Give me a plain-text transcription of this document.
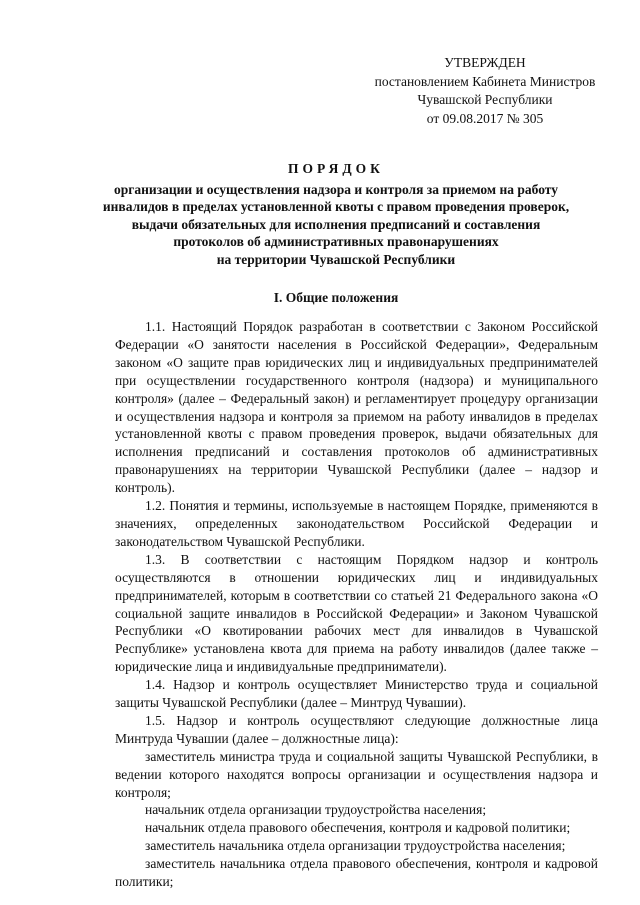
УТВЕРЖДЕН
постановлением Кабинета Министров
Чувашской Республики
от 09.08.2017 № 305
ПОРЯДОК
организации и осуществления надзора и контроля за приемом на работу
инвалидов в пределах установленной квоты с правом проведения проверок,
выдачи обязательных для исполнения предписаний и составления
протоколов об административных правонарушениях
на территории Чувашской Республики
I. Общие положения

1.1. Настоящий Порядок разработан в соответствии с Законом Российской Федерации «О занятости населения в Российской Федерации», Федеральным законом «О защите прав юридических лиц и индивидуальных предпринимателей при осуществлении государственного контроля (надзора) и муниципального контроля» (далее – Федеральный закон) и регламентирует процедуру организации и осуществления надзора и контроля за приемом на работу инвалидов в пределах установленной квоты с правом проведения проверок, выдачи обязательных для исполнения предписаний и составления протоколов об административных правонарушениях на территории Чувашской Республики (далее – надзор и контроль).

1.2. Понятия и термины, используемые в настоящем Порядке, применяются в значениях, определенных законодательством Российской Федерации и законодательством Чувашской Республики.

1.3. В соответствии с настоящим Порядком надзор и контроль осуществляются в отношении юридических лиц и индивидуальных предпринимателей, которым в соответствии со статьей 21 Федерального закона «О социальной защите инвалидов в Российской Федерации» и Законом Чувашской Республики «О квотировании рабочих мест для инвалидов в Чувашской Республике» установлена квота для приема на работу инвалидов (далее также – юридические лица и индивидуальные предприниматели).

1.4. Надзор и контроль осуществляет Министерство труда и социальной защиты Чувашской Республики (далее – Минтруд Чувашии).

1.5. Надзор и контроль осуществляют следующие должностные лица Минтруда Чувашии (далее – должностные лица):

заместитель министра труда и социальной защиты Чувашской Республики, в ведении которого находятся вопросы организации и осуществления надзора и контроля;

начальник отдела организации трудоустройства населения;

начальник отдела правового обеспечения, контроля и кадровой политики;

заместитель начальника отдела организации трудоустройства населения;

заместитель начальника отдела правового обеспечения, контроля и кадровой политики;
